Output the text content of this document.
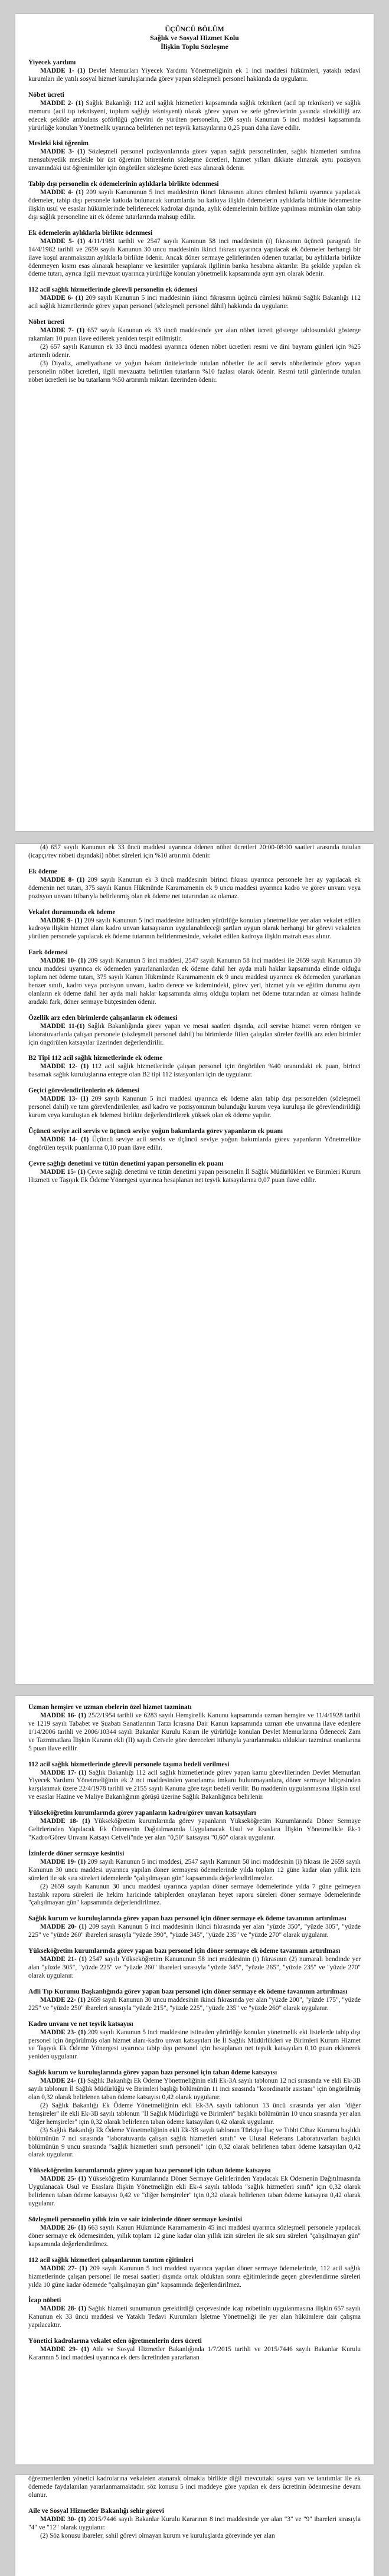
ÜÇÜNCÜ BÖLÜM
Sağlık ve Sosyal Hizmet Kolu
İlişkin Toplu Sözleşme
Yiyecek yardımı

MADDE 1- (1) Devlet Memurları Yiyecek Yardımı Yönetmeliğinin ek 1 inci maddesi hükümleri, yataklı tedavi kurumları ile yatılı sosyal hizmet kuruluşlarında görev yapan sözleşmeli personel hakkında da uygulanır.

Nöbet ücreti

MADDE 2- (1) Sağlık Bakanlığı 112 acil sağlık hizmetleri kapsamında sağlık teknikeri (acil tıp teknikeri) ve sağlık memuru (acil tıp teknisyeni, toplum sağlığı teknisyeni) olarak görev yapan ve sefe görevlerinin yasında sürekliliği arz edecek şekilde ambulans şoförlüğü görevini de yürüten personelin, 209 sayılı Kanunun 5 inci maddesi kapsamında yürürlüğe konulan Yönetmelik uyarınca belirlenen net teşvik katsayılarına 0,25 puan daha ilave edilir.

Mesleki kisi öğrenim

MADDE 3- (1) Sözleşmeli personel pozisyonlarında görev yapan sağlık personelinden, sağlık hizmetleri sınıfına mensubiyetlik meslekle bir üst öğrenim bitirenlerin sözleşme ücretleri, hizmet yılları dikkate alınarak aynı pozisyon unvanındaki üst öğrenimliler için öngörülen sözleşme ücreti esas alınarak ödenir.

Tabip dışı personelin ek ödemelerinin aylıklarla birlikte ödenmesi

MADDE 4- (1) 209 sayılı Kanununun 5 inci maddesinin ikinci fıkrasının altıncı cümlesi hükmü uyarınca yapılacak ödemeler, tabip dışı personele katkıda bulunacak kurumlarda bu katkıya ilişkin ödemelerin aylıklarla birlikte ödenmesine ilişkin usul ve esaslar hükümlerinde belirlenecek kadrolar dışında, aylık ödemelerinin birlikte yapılması mümkün olan tabip dışı sağlık personeline ait ek ödeme tutarlarında mahsup edilir.

Ek ödemelerin aylıklarla birlikte ödenmesi

MADDE 5- (1) 4/11/1981 tarihli ve 2547 sayılı Kanunun 58 inci maddesinin (i) fıkrasının üçüncü paragrafı ile 14/4/1982 tarihli ve 2659 sayılı Kanunun 30 uncu maddesinin ikinci fıkrası uyarınca yapılacak ek ödemeler herhangi bir ilave koşul aranmaksızın aylıklarla birlikte ödenir. Ancak döner sermaye gelirlerinden ödenen tutarlar, bu aylıklarla birlikte ödenmeyen kısmı esas alınarak hesaplanır ve kesintiler yapılarak ilgilinin banka hesabına aktarılır. Bu şekilde yapılan ek ödeme tutarı, ayrıca ilgili mevzuat uyarınca yürürlüğe konulan yönetmelik kapsamında ayın ayrı olarak ödenir.

112 acil sağlık hizmetlerinde görevli personelin ek ödemesi

MADDE 6- (1) 209 sayılı Kanunun 5 inci maddesinin ikinci fıkrasının üçüncü cümlesi hükmü Sağlık Bakanlığı 112 acil sağlık hizmetlerinde görev yapan personel (sözleşmeli personel dâhil) hakkında da uygulanır.

Nöbet ücreti

MADDE 7- (1) 657 sayılı Kanunun ek 33 üncü maddesinde yer alan nöbet ücreti gösterge tablosundaki gösterge rakamları 10 puan ilave edilerek yeniden tespit edilmiştir.

(2) 657 sayılı Kanunun ek 33 üncü maddesi uyarınca ödenen nöbet ücretleri resmi ve dini bayram günleri için %25 artırımlı ödenir.

(3) Diyaliz, ameliyathane ve yoğun bakım ünitelerinde tutulan nöbetler ile acil servis nöbetlerinde görev yapan personelin nöbet ücretleri, ilgili mevzuatta belirtilen tutarların %10 fazlası olarak ödenir. Resmi tatil günlerinde tutulan nöbet ücretleri ise bu tutarların %50 artırımlı miktarı üzerinden ödenir.

(4) 657 sayılı Kanunun ek 33 üncü maddesi uyarınca ödenen nöbet ücretleri 20:00-08:00 saatleri arasında tutulan (icapçı/rev nöbeti dışındaki) nöbet süreleri için %10 artırımlı ödenir.

Ek ödeme

MADDE 8- (1) 209 sayılı Kanunun ek 3 üncü maddesinin birinci fıkrası uyarınca personele her ay yapılacak ek ödemenin net tutarı, 375 sayılı Kanun Hükmünde Kararnamenin ek 9 uncu maddesi uyarınca kadro ve görev unvanı veya pozisyon unvanı itibarıyla belirlenmiş olan ek ödeme net tutarından az olamaz.

Vekalet durumunda ek ödeme

MADDE 9- (1) 209 sayılı Kanunun 5 inci maddesine istinaden yürürlüğe konulan yönetmelikte yer alan vekalet edilen kadroya ilişkin hizmet alanı kadro unvan katsayısının uygulanabileceği şartları uygun olarak herhangi bir görevi vekaleten yürüten personele yapılacak ek ödeme tutarının belirlenmesinde, vekalet edilen kadroya ilişkin matrah esas alınır.

Fark ödemesi

MADDE 10- (1) 209 sayılı Kanunun 5 inci maddesi, 2547 sayılı Kanunun 58 inci maddesi ile 2659 sayılı Kanunun 30 uncu maddesi uyarınca ek ödemeden yararlananlardan ek ödeme dahil her ayda mali haklar kapsamında elinde olduğu toplam net ödeme tutarı, 375 sayılı Kanun Hükmünde Kararnamenin ek 9 uncu maddesi uyarınca ek ödemeden yararlanan benzer sınıfı, kadro veya pozisyon unvanı, kadro derece ve kıdemindeki, görev yeri, hizmet yılı ve eğitim durumu aynı olanların ek ödeme dahil her ayda mali haklar kapsamında almış olduğu toplam net ödeme tutarından az olması halinde aradaki fark, döner sermaye bütçesinden ödenir.

Özellik arz eden birimlerde çalışanların ek ödemesi

MADDE 11-(1) Sağlık Bakanlığında görev yapan ve mesai saatleri dışında, acil servise hizmet veren röntgen ve laboratuvarlarda çalışan personele (sözleşmeli personel dahil) bu birimlerde fiilen çalışılan süreler özellik arz eden birimler için öngörülen katsayılar üzerinden değerlendirilir.

B2 Tipi 112 acil sağlık hizmetlerinde ek ödeme

MADDE 12- (1) 112 acil sağlık hizmetlerinde çalışan personel için öngörülen %40 oranındaki ek puan, birinci basamak sağlık kuruluşlarına entegre olan B2 tipi 112 istasyonları için de uygulanır.

Geçici görevlendirilenlerin ek ödemesi

MADDE 13- (1) 209 sayılı Kanunun 5 inci maddesi uyarınca ek ödeme alan tabip dışı personelden (sözleşmeli personel dahil) ve tam görevlendirilenler, asıl kadro ve pozisyonunun bulunduğu kurum veya kuruluşa ile görevlendirildiği kurum veya kuruluştan ek ödemesi birlikte değerlendirilerek yüksek olan ek ödeme yapılır.

Üçüncü seviye acil servis ve üçüncü seviye yoğun bakımlarda görev yapanların ek puanı

MADDE 14- (1) Üçüncü seviye acil servis ve üçüncü seviye yoğun bakımlarda görev yapanların Yönetmelikte öngörülen teşvik puanlarına 0,10 puan ilave edilir.

Çevre sağlığı denetimi ve tütün denetimi yapan personelin ek puanı

MADDE 15- (1) Çevre sağlığı denetimi ve tütün denetimi yapan personelin İl Sağlık Müdürlükleri ve Birimleri Kurum Hizmeti ve Taşıyık Ek Ödeme Yönergesi uyarınca hesaplanan net teşvik katsayılarına 0,07 puan ilave edilir.

Uzman hemşire ve uzman ebelerin özel hizmet tazminatı

MADDE 16- (1) 25/2/1954 tarihli ve 6283 sayılı Hemşirelik Kanunu kapsamında uzman hemşire ve 11/4/1928 tarihli ve 1219 sayılı Tababet ve Şuabatı Sanatlarının Tarzı İcrasına Dair Kanun kapsamında uzman ebe unvanına ilave edenlere 1/14/2006 tarihli ve 2006/10344 sayılı Bakanlar Kurulu Kararı ile yürürlüğe konulan Devlet Memurlarına Ödenecek Zam ve Tazminatlara İlişkin Kararın ekli (II) sayılı Cetvele göre dereceleri itibarıyla yararlanmakta oldukları tazminat oranlarına 5 puan ilave edilir.

112 acil sağlık hizmetlerinde görevli personele taşıma bedeli verilmesi

MADDE 17- (1) Sağlık Bakanlığı 112 acil sağlık hizmetlerinde görev yapan kamu görevlilerinden Devlet Memurları Yiyecek Yardımı Yönetmeliğinin ek 2 nci maddesinden yararlanma imkanı bulunmayanlara, döner sermaye bütçesinden karşılanmak üzere 22/4/1978 tarihli ve 2155 sayılı Kanuna göre taşıt bedeli verilir. Bu maddenin uygulanmasına ilişkin usul ve esaslar Hazine ve Maliye Bakanlığının görüşü üzerine Sağlık Bakanlığınca belirlenir.

Yükseköğretim kurumlarında görev yapanların kadro/görev unvan katsayıları

MADDE 18- (1) Yükseköğretim kurumlarında görev yapanların Yükseköğretim Kurumlarında Döner Sermaye Gelirlerinden Yapılacak Ek Ödemenin Dağıtılmasında Uygulanacak Usul ve Esaslara İlişkin Yönetmelikle Ek-1 "Kadro/Görev Unvanı Katsayı Cetveli"nde yer alan "0,50" katsayısı "0,60" olarak uygulanır.

İzinlerde döner sermaye kesintisi

MADDE 19- (1) 209 sayılı Kanunun 5 inci maddesi, 2547 sayılı Kanunun 58 inci maddesinin (i) fıkrası ile 2659 sayılı Kanunun 30 uncu maddesi uyarınca yapılan döner sermayesi ödemelerinde yılda toplam 12 güne kadar olan yıllık izin süreleri ile sık sıra süreleri ödemelerde "çalışılmayan gün" kapsamında değerlendirilmezler.

(2) 2659 sayılı Kanunun 30 uncu maddesi uyarınca yapılan döner sermaye ödemelerinde yılda 7 güne gelmeyen hastalık raporu süreleri ile hekim haricinde tabiplerden onaylanan heyet raporu süreleri döner sermaye ödemelerinde "çalışılmayan gün" kapsamında değerlendirilmez.

Sağlık kurum ve kuruluşlarında görev yapan bazı personel için döner sermaye ek ödeme tavanının artırılması

MADDE 20- (1) 209 sayılı Kanunun 5 inci maddesinin ikinci fıkrasında yer alan "yüzde 350", "yüzde 305", "yüzde 225" ve "yüzde 260" ibareleri sırasıyla "yüzde 390", "yüzde 345", "yüzde 235" ve "yüzde 270" olarak uygulanır.

Yükseköğretim kurumlarında görev yapan bazı personel için döner sermaye ek ödeme tavanının artırılması

MADDE 21- (1) 2547 sayılı Yükseköğretim Kanununun 58 inci maddesinin (i) fıkrasının (2) numaralı bendinde yer alan "yüzde 305", "yüzde 225" ve "yüzde 260" ibareleri sırasıyla "yüzde 345", "yüzde 265", "yüzde 235" ve "yüzde 270" olarak uygulanır.

Adli Tıp Kurumu Başkanlığında görev yapan bazı personel için döner sermaye ek ödeme tavanının artırılması

MADDE 22- (1) 2659 sayılı Kanunun 30 uncu maddesinin ikinci fıkrasında yer alan "yüzde 200", "yüzde 175", "yüzde 225" ve "yüzde 250" ibareleri sırasıyla "yüzde 215", "yüzde 225", "yüzde 235" ve "yüzde 260" olarak uygulanır.

Kadro unvanı ve net teşvik katsayısı

MADDE 23- (1) 209 sayılı Kanunun 5 inci maddesine istinaden yürürlüğe konulan yönetmelik eki listelerde tabip dışı personel için öngörülmüş olan hizmet alanı-kadro unvan katsayıları ile İl Sağlık Müdürlükleri ve Birimleri Kurum Hizmet ve Taşıyık Ek Ödeme Yönergesi uyarınca tabip dışı personel için hesaplanan net teşvik katsayıları 0,10 puan eklenerek yeniden uygulanır.

Sağlık kurum ve kuruluşlarında görev yapan bazı personel için taban ödeme katsayısı

MADDE 24- (1) Sağlık Bakanlığı Ek Ödeme Yönetmeliğinin ekli Ek-3A sayılı tablonun 12 nci sırasında ve ekli Ek-3B sayılı tablonun İl Sağlık Müdürlüğü ve Birimleri başlığı bölümünün 11 inci sırasında "koordinatör asistanı" için öngörülmüş olan 0,32 olarak belirlenen taban ödeme katsayısı 0,42 olarak uygulanır.

(2) Sağlık Bakanlığı Ek Ödeme Yönetmeliğinin ekli Ek-3A sayılı tablonun 13 üncü sırasında yer alan "diğer hemşireler" ile ekli Ek-3B sayılı tablonun "İl Sağlık Müdürlüğü ve Birimleri" başlıklı bölümünün 10 uncu sırasında yer alan "diğer hemşireler" için 0,32 olarak belirlenen taban ödeme katsayıları 0,42 olarak uygulanır.

(3) Sağlık Bakanlığı Ek Ödeme Yönetmeliğinin ekli Ek-3B sayılı tablonun Türkiye İlaç ve Tıbbi Cihaz Kurumu başlıklı bölümünün 7 nci sırasında "laboratuvarda çalışan sağlık hizmetleri sınıfı" ve Ulusal Referans Laboratuvarları başlıklı bölümünün 9 uncu sırasında "sağlık hizmetleri sınıfı personeli" için 0,32 olarak belirlenen taban ödeme katsayıları 0,42 olarak uygulanır.

Yükseköğretim kurumlarında görev yapan bazı personel için taban ödeme katsayısı

MADDE 25- (1) Yükseköğretim Kurumlarında Döner Sermaye Gelirlerinden Yapılacak Ek Ödemenin Dağıtılmasında Uygulanacak Usul ve Esaslara İlişkin Yönetmeliğin ekli Ek-4 sayılı tabloda "sağlık hizmetleri sınıfı" için 0,32 olarak belirlenen taban ödeme katsayısı 0,42 ve "diğer hemşireler" için 0,32 olarak belirlenen taban ödeme katsayısı 0,42 olarak uygulanır.

Sözleşmeli personelin yıllık izin ve sair izinlerinde döner sermaye kesintisi

MADDE 26- (1) 663 sayılı Kanun Hükmünde Kararnamenin 45 inci maddesi uyarınca sözleşmeli personele yapılacak döner sermaye ek ödemesinden, yıllık toplam 12 güne kadar olan yıllık izin süreleri ile sık sıra süreleri "çalışılmayan gün" kapsamında değerlendirilmez.

112 acil sağlık hizmetleri çalışanlarının tanıtım eğitimleri

MADDE 27- (1) 209 sayılı Kanunun 5 inci maddesi uyarınca yapılan döner sermaye ödemelerinde, 112 acil sağlık hizmetlerinde çalışan personel ile mesai saatleri dışında ortak olduktan sonra eğitimlerinde geçen görevlendirme süreleri yılda 10 güne kadar ödemede "çalışılmayan gün" kapsamında değerlendirilmez.

İcap nöbeti

MADDE 28- (1) Sağlık hizmeti sunumunun gerektirdiği çerçevesinde icap nöbetinin uygulanmasına ilişkin 657 sayılı Kanunun ek 33 üncü maddesi ve Yataklı Tedavi Kurumları İşletme Yönetmeliği ile yer alan hükümlere dair çalışma yapılacaktır.

Yönetici kadrolarına vekalet eden öğretmenlerin ders ücreti

MADDE 29- (1) Aile ve Sosyal Hizmetler Bakanlığında 1/7/2015 tarihli ve 2015/7446 sayılı Bakanlar Kurulu Kararının 5 inci maddesi uyarınca ek ders ücretinden yararlanan

öğretmenlerden yönetici kadrolarına vekaleten atanarak olmakla birlikte diğil mevcuttaki sayısı yarı ve tanıtımlar ile ek ödemede faydalanılan yararlanmamaktadır. söz konusu 5 inci maddeye göre yapılan ek ders ücretinin ödenmesine devam olunur.

Aile ve Sosyal Hizmetler Bakanlığı sehir görevi

MADDE 30- (1) 2015/7446 sayılı Bakanlar Kurulu Kararının 8 inci maddesinde yer alan "3" ve "9" ibareleri sırasıyla "4" ve "12" olarak uygulanır.

(2) Söz konusu ibareler, sahil görevi olmayan kurum ve kuruluşlarda görevinde yer alan
